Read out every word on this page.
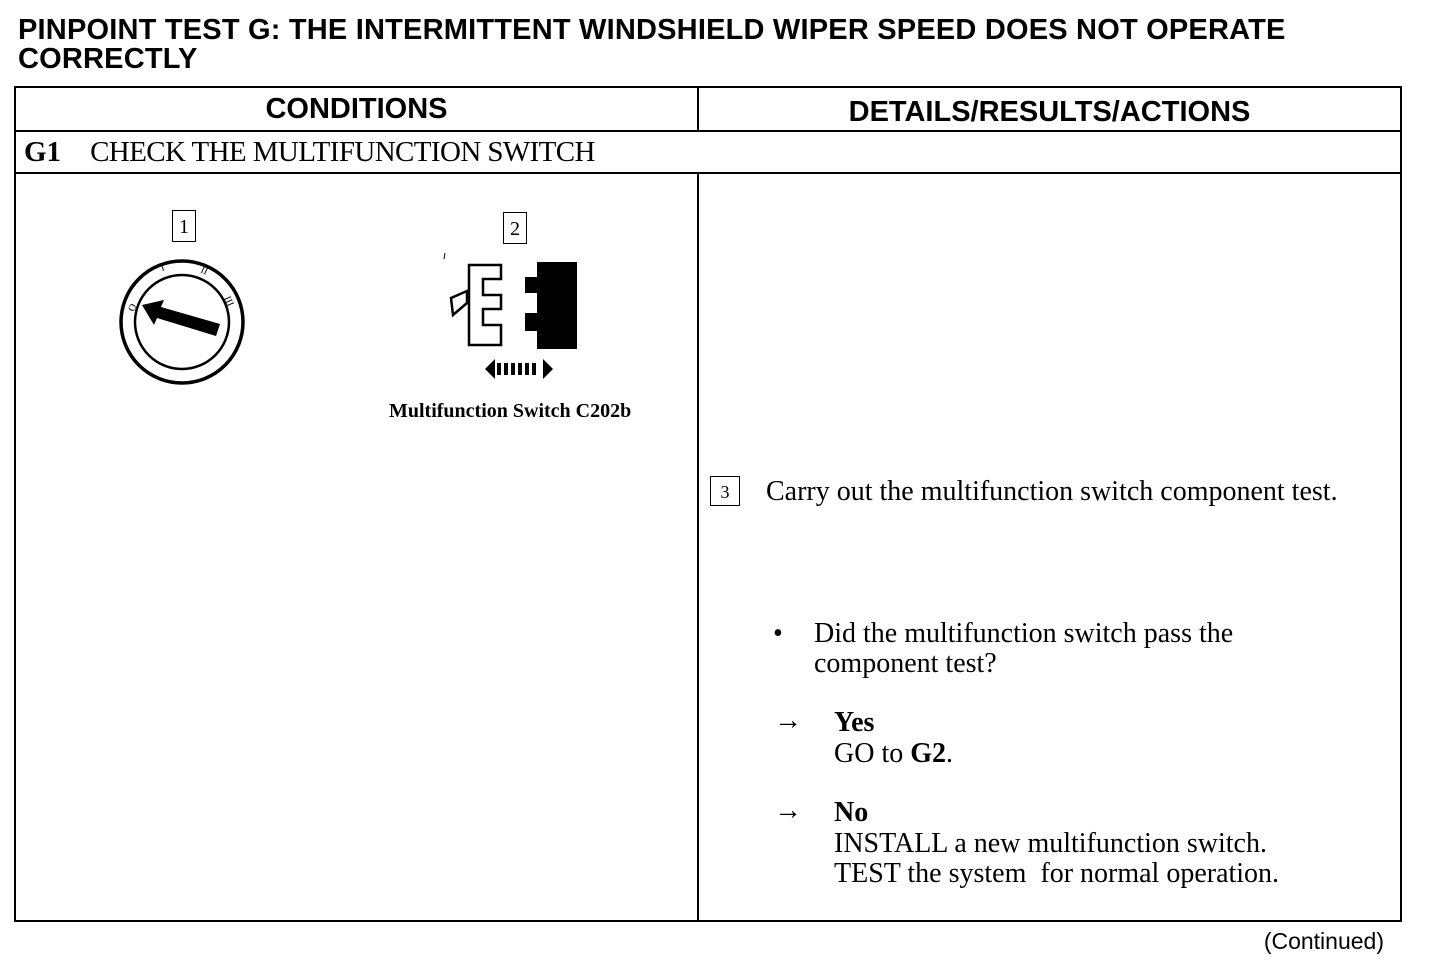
PINPOINT TEST G: THE INTERMITTENT WINDSHIELD WIPER SPEED DOES NOT OPERATE CORRECTLY
CONDITIONS	DETAILS/RESULTS/ACTIONS
G1 CHECK THE MULTIFUNCTION SWITCH
1
O
I	II
III
2
Multifunction Switch C202b
3	Carry out the multifunction switch component test.
• Did the multifunction switch pass the component test?
→ Yes
GO to G2.
→ No
INSTALL a new multifunction switch.
TEST the system  for normal operation.
(Continued)
